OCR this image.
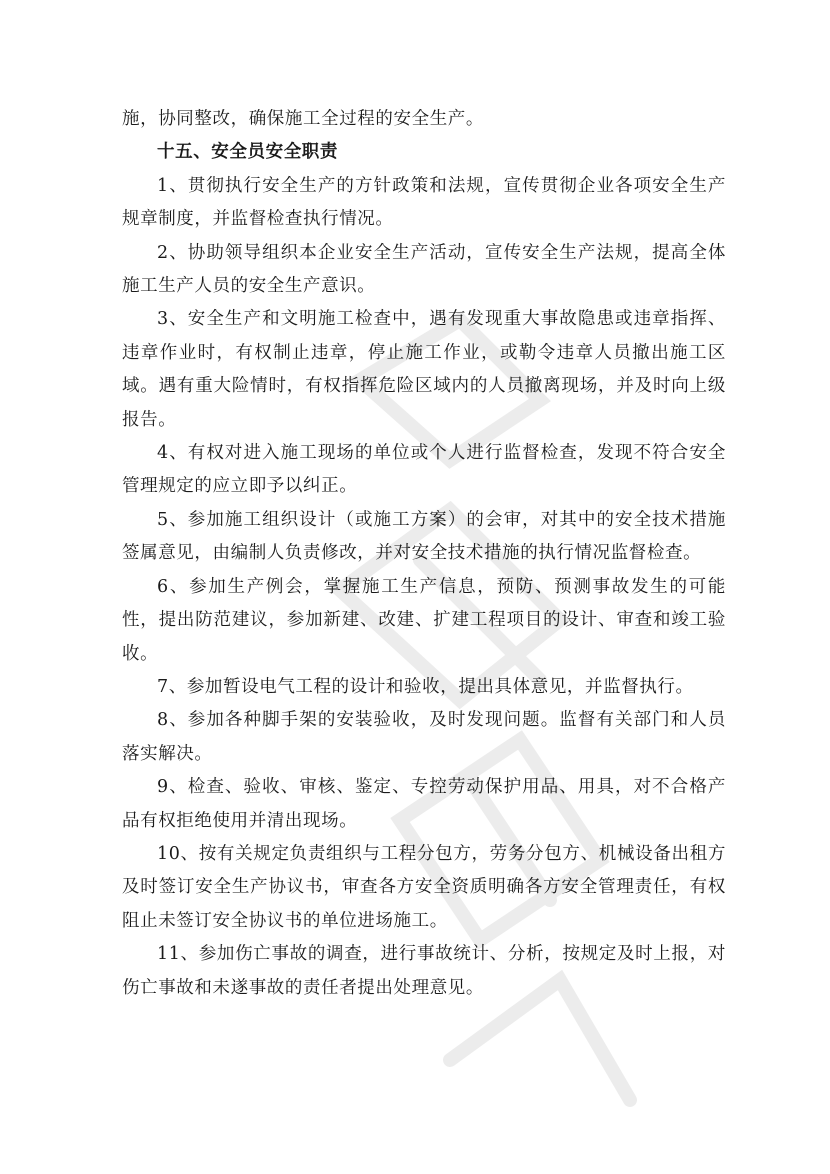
施，协同整改，确保施工全过程的安全生产。

十五、安全员安全职责

1、贯彻执行安全生产的方针政策和法规，宣传贯彻企业各项安全生产规章制度，并监督检查执行情况。

2、协助领导组织本企业安全生产活动，宣传安全生产法规，提高全体施工生产人员的安全生产意识。

3、安全生产和文明施工检查中，遇有发现重大事故隐患或违章指挥、违章作业时，有权制止违章，停止施工作业，或勒令违章人员撤出施工区域。遇有重大险情时，有权指挥危险区域内的人员撤离现场，并及时向上级报告。

4、有权对进入施工现场的单位或个人进行监督检查，发现不符合安全管理规定的应立即予以纠正。

5、参加施工组织设计（或施工方案）的会审，对其中的安全技术措施签属意见，由编制人负责修改，并对安全技术措施的执行情况监督检查。

6、参加生产例会，掌握施工生产信息，预防、预测事故发生的可能性，提出防范建议，参加新建、改建、扩建工程项目的设计、审查和竣工验收。

7、参加暂设电气工程的设计和验收，提出具体意见，并监督执行。

8、参加各种脚手架的安装验收，及时发现问题。监督有关部门和人员落实解决。

9、检查、验收、审核、鉴定、专控劳动保护用品、用具，对不合格产品有权拒绝使用并清出现场。

10、按有关规定负责组织与工程分包方，劳务分包方、机械设备出租方及时签订安全生产协议书，审查各方安全资质明确各方安全管理责任，有权阻止未签订安全协议书的单位进场施工。

11、参加伤亡事故的调查，进行事故统计、分析，按规定及时上报，对伤亡事故和未遂事故的责任者提出处理意见。
